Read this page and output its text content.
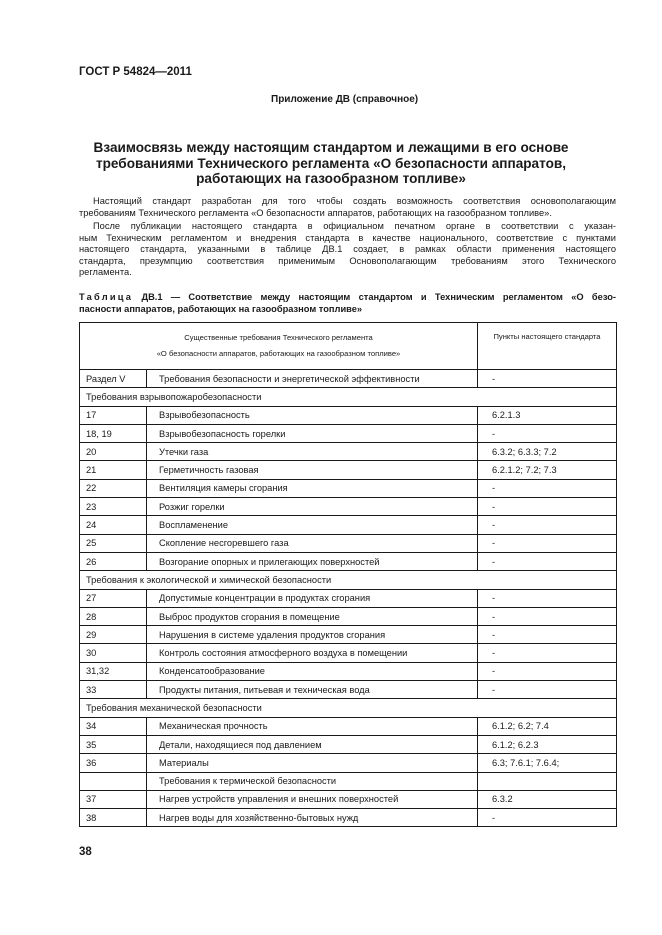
ГОСТ Р 54824—2011
Приложение ДВ (справочное)
Взаимосвязь между настоящим стандартом и лежащими в его основе
требованиями Технического регламента «О безопасности аппаратов,
работающих на газообразном топливе»
Настоящий стандарт разработан для того чтобы создать возможность соответствия основополагающим
требованиям Технического регламента «О безопасности аппаратов, работающих на газообразном топливе».
После публикации настоящего стандарта в официальном печатном органе в соответствии с указан-
ным Техническим регламентом и внедрения стандарта в качестве национального, соответствие с пунктами
настоящего стандарта, указанными в таблице ДВ.1 создает, в рамках области применения настоящего
стандарта, презумпцию соответствия применимым Основополагающим требованиям этого Технического
регламента.
Таблица ДВ.1 — Соответствие между настоящим стандартом и Техническим регламентом «О безо-
пасности аппаратов, работающих на газообразном топливе»
Существенные требования Технического регламента
«О безопасности аппаратов, работающих на газообразном топливе»		Пункты настоящего стандарта
Раздел V	Требования безопасности и энергетической эффективности	-
Требования взрывопожаробезопасности		
17	Взрывобезопасность	6.2.1.3
18, 19	Взрывобезопасность горелки	-
20	Утечки газа	6.3.2; 6.3.3; 7.2
21	Герметичность газовая	6.2.1.2; 7.2; 7.3
22	Вентиляция камеры сгорания	-
23	Розжиг горелки	-
24	Воспламенение	-
25	Скопление несгоревшего газа	-
26	Возгорание опорных и прилегающих поверхностей	-
Требования к экологической и химической безопасности		
27	Допустимые концентрации в продуктах сгорания	-
28	Выброс продуктов сгорания в помещение	-
29	Нарушения в системе удаления продуктов сгорания	-
30	Контроль состояния атмосферного воздуха в помещении	-
31,32	Конденсатообразование	-
33	Продукты питания, питьевая и техническая вода	-
Требования механической безопасности		
34	Механическая прочность	6.1.2; 6.2; 7.4
35	Детали, находящиеся под давлением	6.1.2; 6.2.3
36	Материалы	6.3; 7.6.1; 7.6.4;
	Требования к термической безопасности	
37	Нагрев устройств управления и внешних поверхностей	6.3.2
38	Нагрев воды для хозяйственно-бытовых нужд	-
38
